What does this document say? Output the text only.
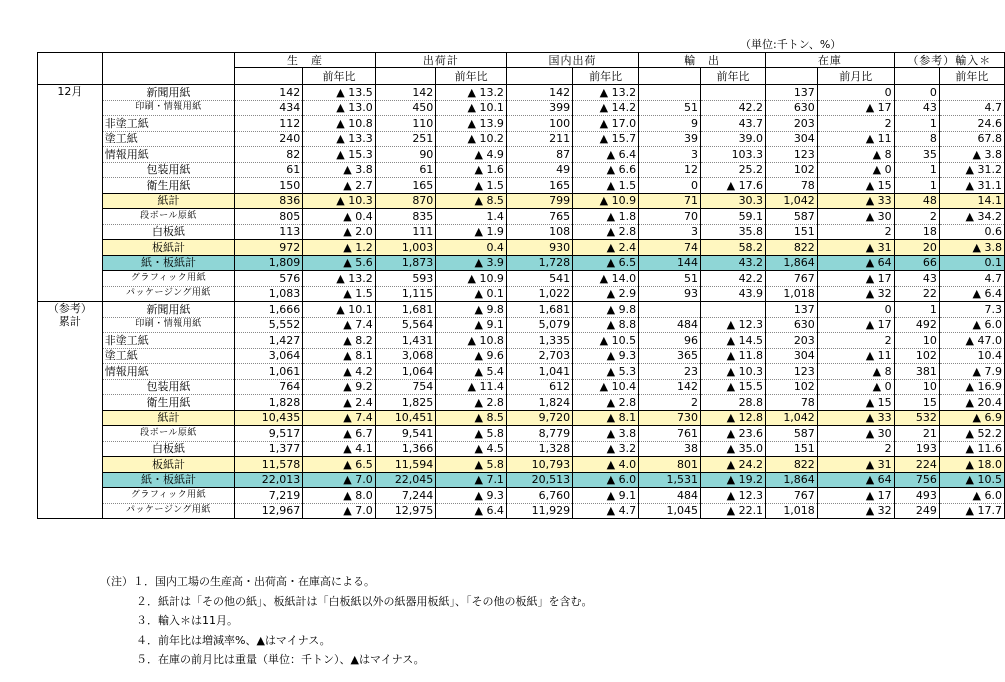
（単位:千トン、%）
		生　産		出荷計		国内出荷		輸　出		在庫		（参考）輸入＊	
			前年比		前年比		前年比		前年比		前月比		前年比

12月	新聞用紙	142	▲ 13.5	142	▲ 13.2	142	▲ 13.2			137	0	0	
	印刷・情報用紙	434	▲ 13.0	450	▲ 10.1	399	▲ 14.2	51	42.2	630	▲ 17	43	4.7
	非塗工紙	112	▲ 10.8	110	▲ 13.9	100	▲ 17.0	9	43.7	203	2	1	24.6
	塗工紙	240	▲ 13.3	251	▲ 10.2	211	▲ 15.7	39	39.0	304	▲ 11	8	67.8
	情報用紙	82	▲ 15.3	90	▲ 4.9	87	▲ 6.4	3	103.3	123	▲ 8	35	▲ 3.8
	包装用紙	61	▲ 3.8	61	▲ 1.6	49	▲ 6.6	12	25.2	102	▲ 0	1	▲ 31.2
	衛生用紙	150	▲ 2.7	165	▲ 1.5	165	▲ 1.5	0	▲ 17.6	78	▲ 15	1	▲ 31.1
	紙計	836	▲ 10.3	870	▲ 8.5	799	▲ 10.9	71	30.3	1,042	▲ 33	48	14.1
	段ボール原紙	805	▲ 0.4	835	1.4	765	▲ 1.8	70	59.1	587	▲ 30	2	▲ 34.2
	白板紙	113	▲ 2.0	111	▲ 1.9	108	▲ 2.8	3	35.8	151	2	18	0.6
	板紙計	972	▲ 1.2	1,003	0.4	930	▲ 2.4	74	58.2	822	▲ 31	20	▲ 3.8
	紙・板紙計	1,809	▲ 5.6	1,873	▲ 3.9	1,728	▲ 6.5	144	43.2	1,864	▲ 64	66	0.1
	グラフィック用紙	576	▲ 13.2	593	▲ 10.9	541	▲ 14.0	51	42.2	767	▲ 17	43	4.7
	パッケージング用紙	1,083	▲ 1.5	1,115	▲ 0.1	1,022	▲ 2.9	93	43.9	1,018	▲ 32	22	▲ 6.4

（参考）
累計	新聞用紙	1,666	▲ 10.1	1,681	▲ 9.8	1,681	▲ 9.8			137	0	1	7.3
	印刷・情報用紙	5,552	▲ 7.4	5,564	▲ 9.1	5,079	▲ 8.8	484	▲ 12.3	630	▲ 17	492	▲ 6.0
	非塗工紙	1,427	▲ 8.2	1,431	▲ 10.8	1,335	▲ 10.5	96	▲ 14.5	203	2	10	▲ 47.0
	塗工紙	3,064	▲ 8.1	3,068	▲ 9.6	2,703	▲ 9.3	365	▲ 11.8	304	▲ 11	102	10.4
	情報用紙	1,061	▲ 4.2	1,064	▲ 5.4	1,041	▲ 5.3	23	▲ 10.3	123	▲ 8	381	▲ 7.9
	包装用紙	764	▲ 9.2	754	▲ 11.4	612	▲ 10.4	142	▲ 15.5	102	▲ 0	10	▲ 16.9
	衛生用紙	1,828	▲ 2.4	1,825	▲ 2.8	1,824	▲ 2.8	2	28.8	78	▲ 15	15	▲ 20.4
	紙計	10,435	▲ 7.4	10,451	▲ 8.5	9,720	▲ 8.1	730	▲ 12.8	1,042	▲ 33	532	▲ 6.9
	段ボール原紙	9,517	▲ 6.7	9,541	▲ 5.8	8,779	▲ 3.8	761	▲ 23.6	587	▲ 30	21	▲ 52.2
	白板紙	1,377	▲ 4.1	1,366	▲ 4.5	1,328	▲ 3.2	38	▲ 35.0	151	2	193	▲ 11.6
	板紙計	11,578	▲ 6.5	11,594	▲ 5.8	10,793	▲ 4.0	801	▲ 24.2	822	▲ 31	224	▲ 18.0
	紙・板紙計	22,013	▲ 7.0	22,045	▲ 7.1	20,513	▲ 6.0	1,531	▲ 19.2	1,864	▲ 64	756	▲ 10.5
	グラフィック用紙	7,219	▲ 8.0	7,244	▲ 9.3	6,760	▲ 9.1	484	▲ 12.3	767	▲ 17	493	▲ 6.0
	パッケージング用紙	12,967	▲ 7.0	12,975	▲ 6.4	11,929	▲ 4.7	1,045	▲ 22.1	1,018	▲ 32	249	▲ 17.7
（注）１．国内工場の生産高・出荷高・在庫高による。
２．紙計は「その他の紙」、板紙計は「白板紙以外の紙器用板紙」、「その他の板紙」を含む。
３．輸入＊は11月。
４．前年比は増減率%、▲はマイナス。
５．在庫の前月比は重量（単位：千トン）、▲はマイナス。
